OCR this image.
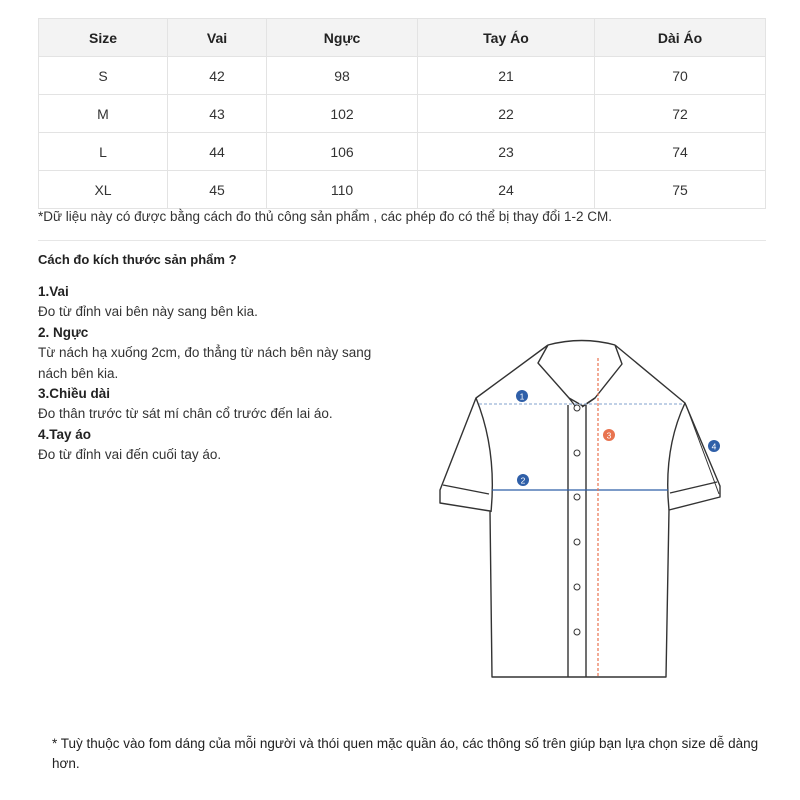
Size	Vai	Ngực	Tay Áo	Dài Áo
S	42	98	21	70
M	43	102	22	72
L	44	106	23	74
XL	45	110	24	75
*Dữ liệu này có được bằng cách đo thủ công sản phẩm , các phép đo có thể bị thay đổi 1-2 CM.
Cách đo kích thước sản phẩm ?
1.Vai
Đo từ đỉnh vai bên này sang bên kia.
2. Ngực
Từ nách hạ xuống 2cm, đo thẳng từ nách bên này sang nách bên kia.
3.Chiều dài
Đo thân trước từ sát mí chân cổ trước đến lai áo.
4.Tay áo
Đo từ đỉnh vai đến cuối tay áo.
1
2
3
4
* Tuỳ thuộc vào fom dáng của mỗi người và thói quen mặc quần áo, các thông số trên giúp bạn lựa chọn size dễ dàng hơn.
